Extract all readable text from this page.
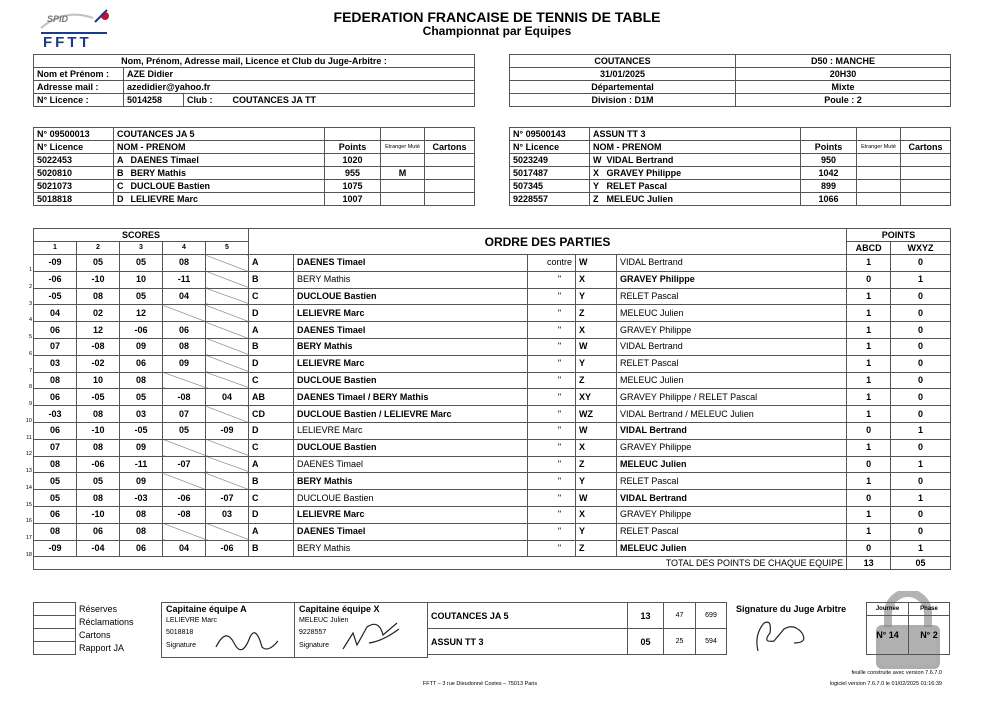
SPID
FFTT
FEDERATION FRANCAISE DE TENNIS DE TABLE
Championnat par Equipes
Nom, Prénom, Adresse mail, Licence et Club du Juge-Arbitre :			
Nom et Prénom :	AZE Didier		
Adresse mail :	azedidier@yahoo.fr		
N° Licence :	5014258	Club :	COUTANCES JA TT
COUTANCES	D50 : MANCHE
31/01/2025	20H30
Départemental	Mixte
Division : D1M	Poule : 2
N° 09500013	COUTANCES JA 5				
N° Licence	NOM - PRENOM		Points	Etranger Muté	Cartons
5022453	A	DAENES Timael	1020		
5020810	B	BERY Mathis	955	M	
5021073	C	DUCLOUE Bastien	1075		
5018818	D	LELIEVRE Marc	1007		
N° 09500143	ASSUN TT 3				
N° Licence	NOM - PRENOM		Points	Etranger Muté	Cartons
5023249	W	VIDAL Bertrand	950		
5017487	X	GRAVEY Philippe	1042		
507345	Y	RELET Pascal	899		
9228557	Z	MELEUC Julien	1066		
1
2
3
4
5
6
7
8
9
10
11
12
13
14
15
16
17
18
SCORES					ORDRE DES PARTIES					POINTS	
1	2	3	4	5						ABCD	WXYZ
-09	05	05	08		A	DAENES Timael	contre	W	VIDAL Bertrand	1	0
-06	-10	10	-11		B	BERY Mathis	"	X	GRAVEY Philippe	0	1
-05	08	05	04		C	DUCLOUE Bastien	"	Y	RELET Pascal	1	0
04	02	12			D	LELIEVRE Marc	"	Z	MELEUC Julien	1	0
06	12	-06	06		A	DAENES Timael	"	X	GRAVEY Philippe	1	0
07	-08	09	08		B	BERY Mathis	"	W	VIDAL Bertrand	1	0
03	-02	06	09		D	LELIEVRE Marc	"	Y	RELET Pascal	1	0
08	10	08			C	DUCLOUE Bastien	"	Z	MELEUC Julien	1	0
06	-05	05	-08	04	AB	DAENES Timael / BERY Mathis	"	XY	GRAVEY Philippe / RELET Pascal	1	0
-03	08	03	07		CD	DUCLOUE Bastien / LELIEVRE Marc	"	WZ	VIDAL Bertrand / MELEUC Julien	1	0
06	-10	-05	05	-09	D	LELIEVRE Marc	"	W	VIDAL Bertrand	0	1
07	08	09			C	DUCLOUE Bastien	"	X	GRAVEY Philippe	1	0
08	-06	-11	-07		A	DAENES Timael	"	Z	MELEUC Julien	0	1
05	05	09			B	BERY Mathis	"	Y	RELET Pascal	1	0
05	08	-03	-06	-07	C	DUCLOUE Bastien	"	W	VIDAL Bertrand	0	1
06	-10	08	-08	03	D	LELIEVRE Marc	"	X	GRAVEY Philippe	1	0
08	06	08			A	DAENES Timael	"	Y	RELET Pascal	1	0
-09	-04	06	04	-06	B	BERY Mathis	"	Z	MELEUC Julien	0	1
TOTAL DES POINTS DE CHAQUE EQUIPE										13	05
	Réserves
	Réclamations
	Cartons
	Rapport JA
Capitaine équipe A
LELIEVRE Marc
5018818
Signature
Capitaine équipe X
MELEUC Julien
9228557
Signature
COUTANCES JA 5	13	47	699
ASSUN TT 3	05	25	594
Signature du Juge Arbitre	Journée	Phase
N° 14	N° 2
FFTT – 3 rue Dieudonné Costes – 75013 Paris
feuille construite avec version 7.6.7.0
logiciel version 7.6.7.0 le 01/02/2025 01:16:39
